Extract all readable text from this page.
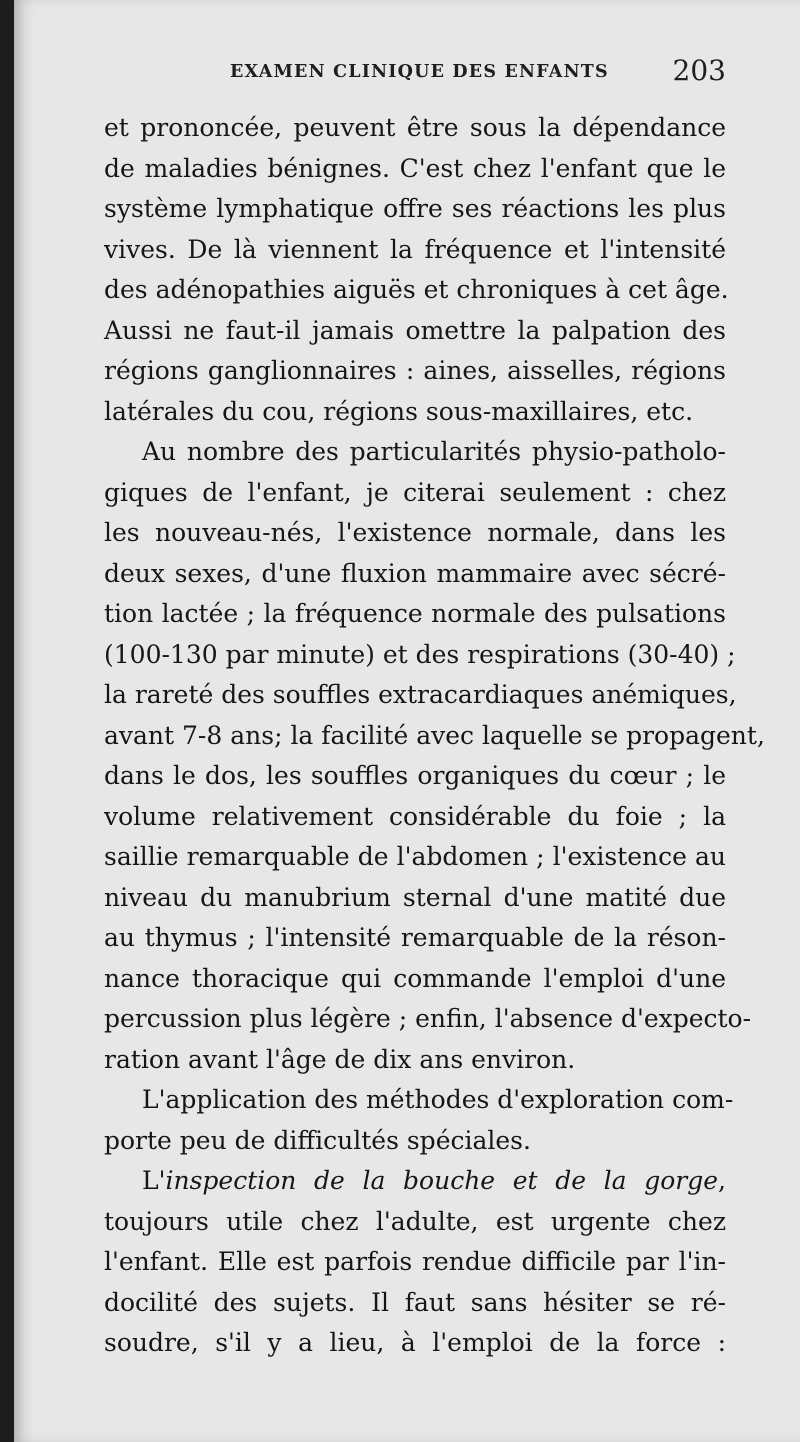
EXAMEN CLINIQUE DES ENFANTS 203
et prononcée, peuvent être sous la dépendance
de maladies bénignes. C'est chez l'enfant que le
système lymphatique offre ses réactions les plus
vives. De là viennent la fréquence et l'intensité
des adénopathies aiguës et chroniques à cet âge.
Aussi ne faut-il jamais omettre la palpation des
régions ganglionnaires : aines, aisselles, régions
latérales du cou, régions sous-maxillaires, etc.
Au nombre des particularités physio-patholo-
giques de l'enfant, je citerai seulement : chez
les nouveau-nés, l'existence normale, dans les
deux sexes, d'une fluxion mammaire avec sécré-
tion lactée ; la fréquence normale des pulsations
(100-130 par minute) et des respirations (30-40) ;
la rareté des souffles extracardiaques anémiques,
avant 7-8 ans; la facilité avec laquelle se propagent,
dans le dos, les souffles organiques du cœur ; le
volume relativement considérable du foie ; la
saillie remarquable de l'abdomen ; l'existence au
niveau du manubrium sternal d'une matité due
au thymus ; l'intensité remarquable de la réson-
nance thoracique qui commande l'emploi d'une
percussion plus légère ; enfin, l'absence d'expecto-
ration avant l'âge de dix ans environ.
L'application des méthodes d'exploration com-
porte peu de difficultés spéciales.
L'inspection de la bouche et de la gorge,
toujours utile chez l'adulte, est urgente chez
l'enfant. Elle est parfois rendue difficile par l'in-
docilité des sujets. Il faut sans hésiter se ré-
soudre, s'il y a lieu, à l'emploi de la force :
